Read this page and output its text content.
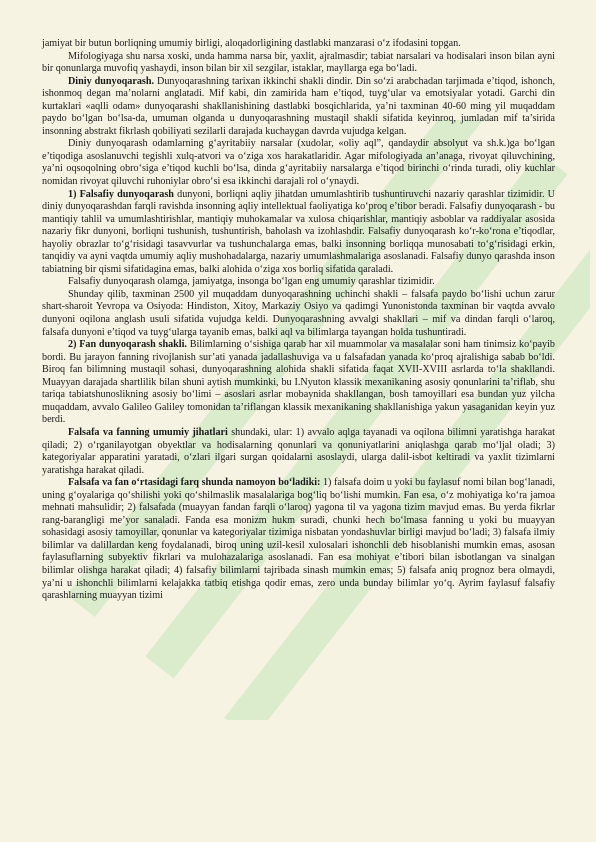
jamiyat bir butun borliqning umumiy birligi, aloqadorligining dastlabki manzarasi o‘z ifodasini topgan.

Mifologiyaga shu narsa xoski, unda hamma narsa bir, yaxlit, ajralmasdir; tabiat narsalari va hodisalari inson bilan ayni bir qonunlarga muvofiq yashaydi, inson bilan bir xil sezgilar, istaklar, mayllarga ega bo‘ladi.

Diniy dunyoqarash. Dunyoqarashning tarixan ikkinchi shakli dindir. Din so‘zi arabchadan tarjimada e’tiqod, ishonch, ishonmoq degan ma’nolarni anglatadi. Mif kabi, din zamirida ham e’tiqod, tuyg‘ular va emotsiyalar yotadi. Garchi din kurtaklari «aqlli odam» dunyoqarashi shakllanishining dastlabki bosqichlarida, ya’ni taxminan 40-60 ming yil muqaddam paydo bo‘lgan bo‘lsa-da, umuman olganda u dunyoqarashning mustaqil shakli sifatida keyinroq, jumladan mif ta’sirida insonning abstrakt fikrlash qobiliyati sezilarli darajada kuchaygan davrda vujudga kelgan.

Diniy dunyoqarash odamlarning g‘ayritabiiy narsalar (xudolar, «oliy aql”, qandaydir absolyut va sh.k.)ga bo‘lgan e’tiqodiga asoslanuvchi tegishli xulq-atvori va o‘ziga xos harakatlaridir. Agar mifologiyada an’anaga, rivoyat qiluvchining, ya’ni oqsoqolning obro‘siga e’tiqod kuchli bo‘lsa, dinda g‘ayritabiiy narsalarga e’tiqod birinchi o‘rinda turadi, oliy kuchlar nomidan rivoyat qiluvchi ruhoniylar obro‘si esa ikkinchi darajali rol o‘ynaydi.

1) Falsafiy dunyoqarash dunyoni, borliqni aqliy jihatdan umumlashtirib tushuntiruvchi nazariy qarashlar tizimidir. U diniy dunyoqarashdan farqli ravishda insonning aqliy intellektual faoliyatiga ko‘proq e’tibor beradi. Falsafiy dunyoqarash - bu mantiqiy tahlil va umumlashtirishlar, mantiqiy muhokamalar va xulosa chiqarishlar, mantiqiy asboblar va raddiyalar asosida nazariy fikr dunyoni, borliqni tushunish, tushuntirish, baholash va izohlashdir. Falsafiy dunyoqarash ko‘r-ko‘rona e’tiqodlar, hayoliy obrazlar to‘g‘risidagi tasavvurlar va tushunchalarga emas, balki insonning borliqqa munosabati to‘g‘risidagi erkin, tanqidiy va ayni vaqtda umumiy aqliy mushohadalarga, nazariy umumlashmalariga asoslanadi. Falsafiy dunyo qarashda inson tabiatning bir qismi sifatidagina emas, balki alohida o‘ziga xos borliq sifatida qaraladi.

Falsafiy dunyoqarash olamga, jamiyatga, insonga bo‘lgan eng umumiy qarashlar tizimidir.

Shunday qilib, taxminan 2500 yil muqaddam dunyoqarashning uchinchi shakli – falsafa paydo bo‘lishi uchun zarur shart-sharoit Yevropa va Osiyoda: Hindiston, Xitoy, Markaziy Osiyo va qadimgi Yunonistonda taxminan bir vaqtda avvalo dunyoni oqilona anglash usuli sifatida vujudga keldi. Dunyoqarashning avvalgi shakllari – mif va dindan farqli o‘laroq, falsafa dunyoni e’tiqod va tuyg‘ularga tayanib emas, balki aql va bilimlarga tayangan holda tushuntiradi.

2) Fan dunyoqarash shakli. Bilimlarning o‘sishiga qarab har xil muammolar va masalalar soni ham tinimsiz ko‘payib bordi. Bu jarayon fanning rivojlanish sur’ati yanada jadallashuviga va u falsafadan yanada ko‘proq ajralishiga sabab bo‘ldi. Biroq fan bilimning mustaqil sohasi, dunyoqarashning alohida shakli sifatida faqat XVII-XVIII asrlarda to‘la shakllandi. Muayyan darajada shartlilik bilan shuni aytish mumkinki, bu I.Nyuton klassik mexanikaning asosiy qonunlarini ta’riflab, shu tariqa tabiatshunoslikning asosiy bo‘limi – asoslari asrlar mobaynida shakllangan, bosh tamoyillari esa bundan yuz yilcha muqaddam, avvalo Galileo Galiley tomonidan ta’riflangan klassik mexanikaning shakllanishiga yakun yasaganidan keyin yuz berdi.

Falsafa va fanning umumiy jihatlari shundaki, ular: 1) avvalo aqlga tayanadi va oqilona bilimni yaratishga harakat qiladi; 2) o‘rganilayotgan obyektlar va hodisalarning qonunlari va qonuniyatlarini aniqlashga qarab mo‘ljal oladi; 3) kategoriyalar apparatini yaratadi, o‘zlari ilgari surgan qoidalarni asoslaydi, ularga dalil-isbot keltiradi va yaxlit tizimlarni yaratishga harakat qiladi.

Falsafa va fan o‘rtasidagi farq shunda namoyon bo‘ladiki: 1) falsafa doim u yoki bu faylasuf nomi bilan bog‘lanadi, uning g‘oyalariga qo‘shilishi yoki qo‘shilmaslik masalalariga bog‘liq bo‘lishi mumkin. Fan esa, o‘z mohiyatiga ko‘ra jamoa mehnati mahsulidir; 2) falsafada (muayyan fandan farqli o‘laroq) yagona til va yagona tizim mavjud emas. Bu yerda fikrlar rang-barangligi me’yor sanaladi. Fanda esa monizm hukm suradi, chunki hech bo‘lmasa fanning u yoki bu muayyan sohasidagi asosiy tamoyillar, qonunlar va kategoriyalar tizimiga nisbatan yondashuvlar birligi mavjud bo‘ladi; 3) falsafa ilmiy bilimlar va dalillardan keng foydalanadi, biroq uning uzil-kesil xulosalari ishonchli deb hisoblanishi mumkin emas, asosan faylasuflarning subyektiv fikrlari va mulohazalariga asoslanadi. Fan esa mohiyat e’tibori bilan isbotlangan va sinalgan bilimlar olishga harakat qiladi; 4) falsafiy bilimlarni tajribada sinash mumkin emas; 5) falsafa aniq prognoz bera olmaydi, ya’ni u ishonchli bilimlarni kelajakka tatbiq etishga qodir emas, zero unda bunday bilimlar yo‘q. Ayrim faylasuf falsafiy qarashlarning muayyan tizimi
